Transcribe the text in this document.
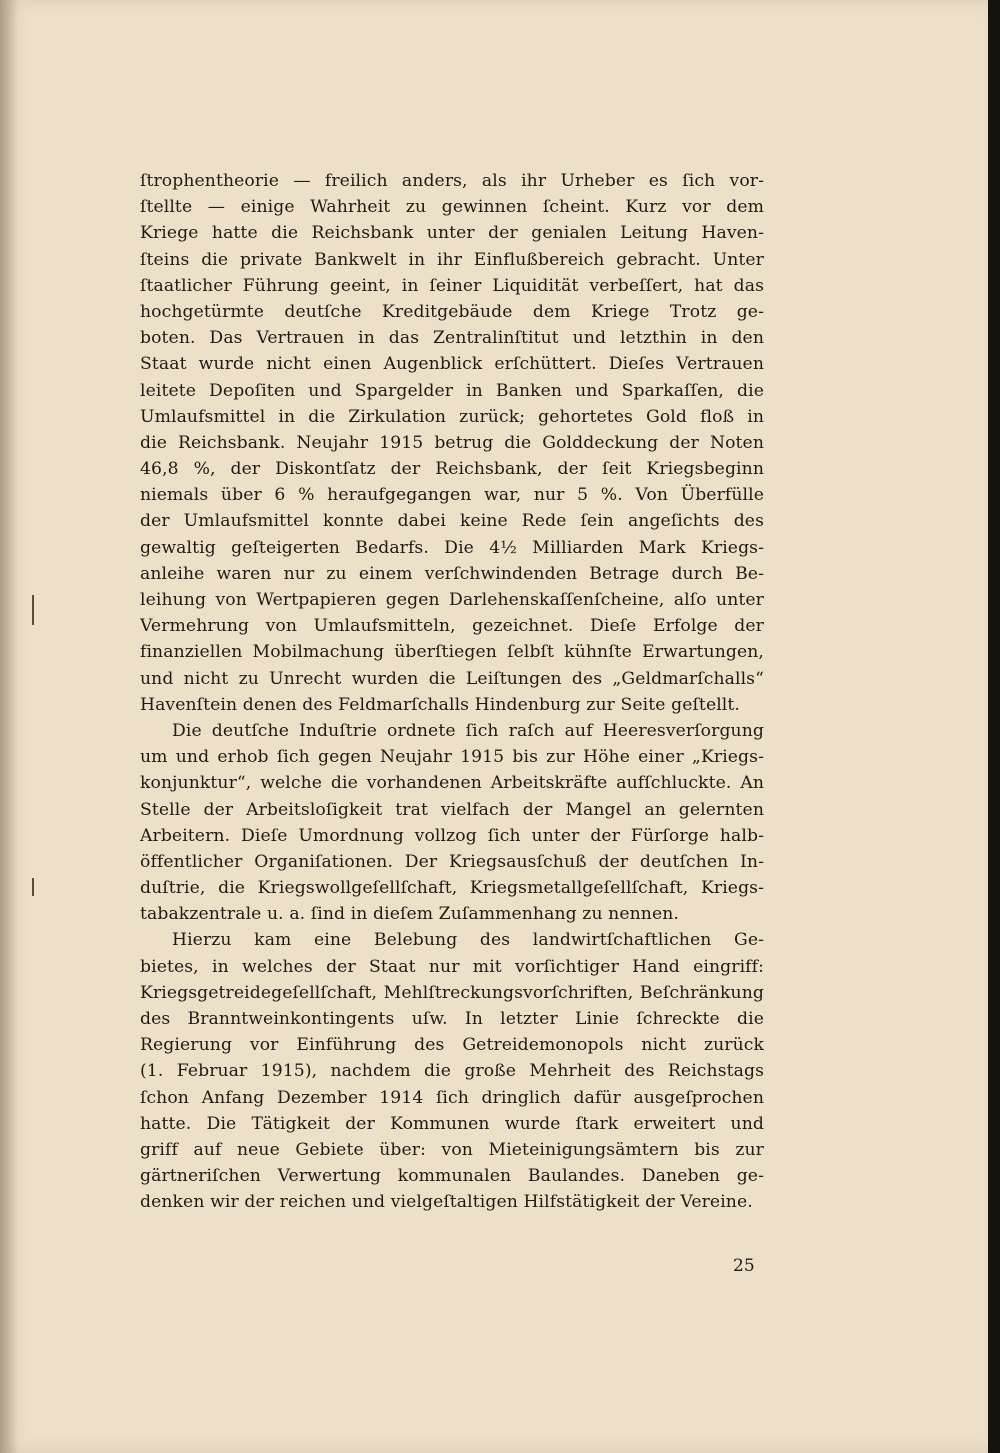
ſtrophentheorie — freilich anders, als ihr Urheber es ſich vor-
ſtellte — einige Wahrheit zu gewinnen ſcheint. Kurz vor dem
Kriege hatte die Reichsbank unter der genialen Leitung Haven-
ſteins die private Bankwelt in ihr Einflußbereich gebracht. Unter
ſtaatlicher Führung geeint, in ſeiner Liquidität verbeſſert, hat das
hochgetürmte deutſche Kreditgebäude dem Kriege Trotz ge-
boten. Das Vertrauen in das Zentralinſtitut und letzthin in den
Staat wurde nicht einen Augenblick erſchüttert. Dieſes Vertrauen
leitete Depoſiten und Spargelder in Banken und Sparkaſſen, die
Umlaufsmittel in die Zirkulation zurück; gehortetes Gold floß in
die Reichsbank. Neujahr 1915 betrug die Golddeckung der Noten
46,8 %, der Diskontſatz der Reichsbank, der ſeit Kriegsbeginn
niemals über 6 % heraufgegangen war, nur 5 %. Von Überfülle
der Umlaufsmittel konnte dabei keine Rede ſein angeſichts des
gewaltig geſteigerten Bedarfs. Die 4½ Milliarden Mark Kriegs-
anleihe waren nur zu einem verſchwindenden Betrage durch Be-
leihung von Wertpapieren gegen Darlehenskaſſenſcheine, alſo unter
Vermehrung von Umlaufsmitteln, gezeichnet. Dieſe Erfolge der
finanziellen Mobilmachung überſtiegen ſelbſt kühnſte Erwartungen,
und nicht zu Unrecht wurden die Leiſtungen des „Geldmarſchalls“
Havenſtein denen des Feldmarſchalls Hindenburg zur Seite geſtellt.
Die deutſche Induſtrie ordnete ſich raſch auf Heeresverſorgung
um und erhob ſich gegen Neujahr 1915 bis zur Höhe einer „Kriegs-
konjunktur“, welche die vorhandenen Arbeitskräfte aufſchluckte. An
Stelle der Arbeitsloſigkeit trat vielfach der Mangel an gelernten
Arbeitern. Dieſe Umordnung vollzog ſich unter der Fürſorge halb-
öffentlicher Organiſationen. Der Kriegsausſchuß der deutſchen In-
duſtrie, die Kriegswollgeſellſchaft, Kriegsmetallgeſellſchaft, Kriegs-
tabakzentrale u. a. ſind in dieſem Zuſammenhang zu nennen.
Hierzu kam eine Belebung des landwirtſchaftlichen Ge-
bietes, in welches der Staat nur mit vorſichtiger Hand eingriff:
Kriegsgetreidegeſellſchaft, Mehlſtreckungsvorſchriften, Beſchränkung
des Branntweinkontingents uſw. In letzter Linie ſchreckte die
Regierung vor Einführung des Getreidemonopols nicht zurück
(1. Februar 1915), nachdem die große Mehrheit des Reichstags
ſchon Anfang Dezember 1914 ſich dringlich dafür ausgeſprochen
hatte. Die Tätigkeit der Kommunen wurde ſtark erweitert und
griff auf neue Gebiete über: von Mieteinigungsämtern bis zur
gärtneriſchen Verwertung kommunalen Baulandes. Daneben ge-
denken wir der reichen und vielgeſtaltigen Hilfstätigkeit der Vereine.
25
